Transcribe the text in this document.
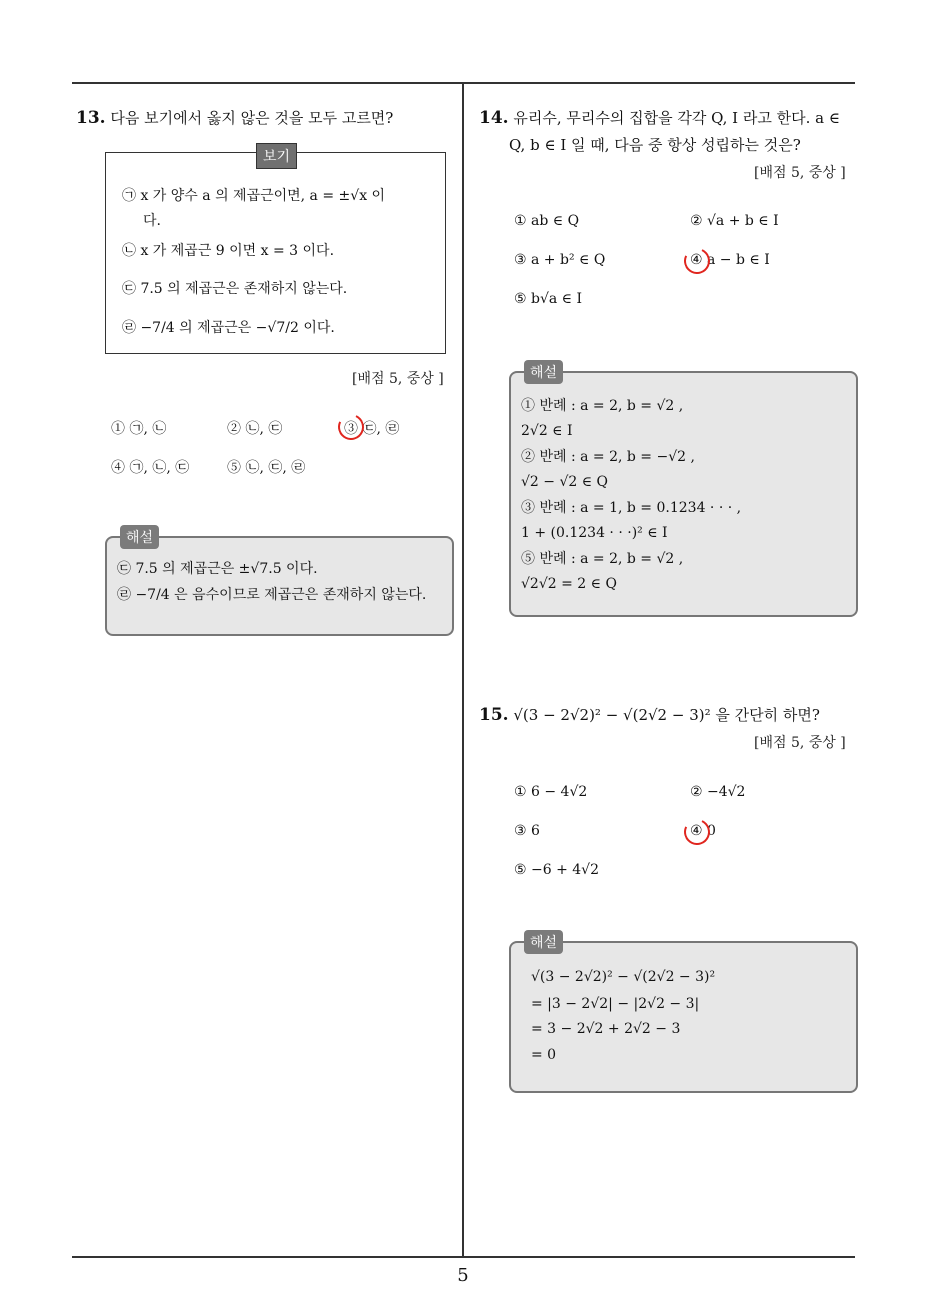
13. 다음 보기에서 옳지 않은 것을 모두 고르면?
보기
㉠ x 가 양수 a 의 제곱근이면, a = ±√x 이
다.
㉡ x 가 제곱근 9 이면 x = 3 이다.
㉢ 7.5 의 제곱근은 존재하지 않는다.
㉣ −7/4 의 제곱근은 −√7/2 이다.
[배점 5, 중상 ]
① ㉠, ㉡	② ㉡, ㉢	③ ㉢, ㉣
④ ㉠, ㉡, ㉢	⑤ ㉡, ㉢, ㉣
해설
㉢ 7.5 의 제곱근은 ±√7.5 이다.
㉣ −7/4 은 음수이므로 제곱근은 존재하지 않는다.
14. 유리수, 무리수의 집합을 각각 Q, I 라고 한다. a ∈
Q, b ∈ I 일 때, 다음 중 항상 성립하는 것은?
[배점 5, 중상 ]
① ab ∈ Q	② √a + b ∈ I
③ a + b² ∈ Q	④ a − b ∈ I
⑤ b√a ∈ I
해설
① 반례 : a = 2, b = √2 ,
2√2 ∈ I
② 반례 : a = 2, b = −√2 ,
√2 − √2 ∈ Q
③ 반례 : a = 1, b = 0.1234 · · · ,
1 + (0.1234 · · ·)² ∈ I
⑤ 반례 : a = 2, b = √2 ,
√2√2 = 2 ∈ Q
15. √(3 − 2√2)² − √(2√2 − 3)² 을 간단히 하면?
[배점 5, 중상 ]
① 6 − 4√2	② −4√2
③ 6	④ 0
⑤ −6 + 4√2
해설
√(3 − 2√2)² − √(2√2 − 3)²
= |3 − 2√2| − |2√2 − 3|
= 3 − 2√2 + 2√2 − 3
= 0
5
